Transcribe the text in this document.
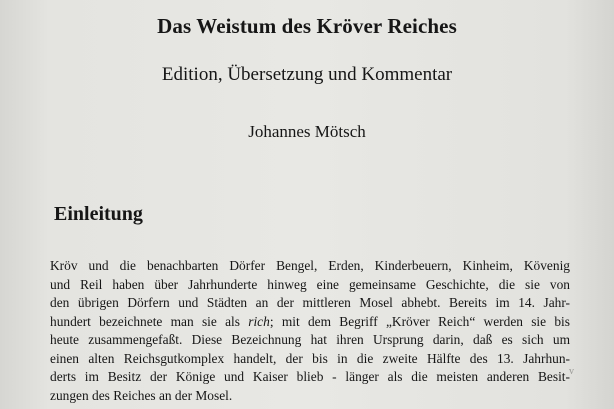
Das Weistum des Kröver Reiches
Edition, Übersetzung und Kommentar
Johannes Mötsch
Einleitung
Kröv und die benachbarten Dörfer Bengel, Erden, Kinderbeuern, Kinheim, Kövenig
und Reil haben über Jahrhunderte hinweg eine gemeinsame Geschichte, die sie von
den übrigen Dörfern und Städten an der mittleren Mosel abhebt. Bereits im 14. Jahr-
hundert bezeichnete man sie als rich; mit dem Begriff „Kröver Reich“ werden sie bis
heute zusammengefaßt. Diese Bezeichnung hat ihren Ursprung darin, daß es sich um
einen alten Reichsgutkomplex handelt, der bis in die zweite Hälfte des 13. Jahrhun-
derts im Besitz der Könige und Kaiser blieb - länger als die meisten anderen Besit-
zungen des Reiches an der Mosel.
v
